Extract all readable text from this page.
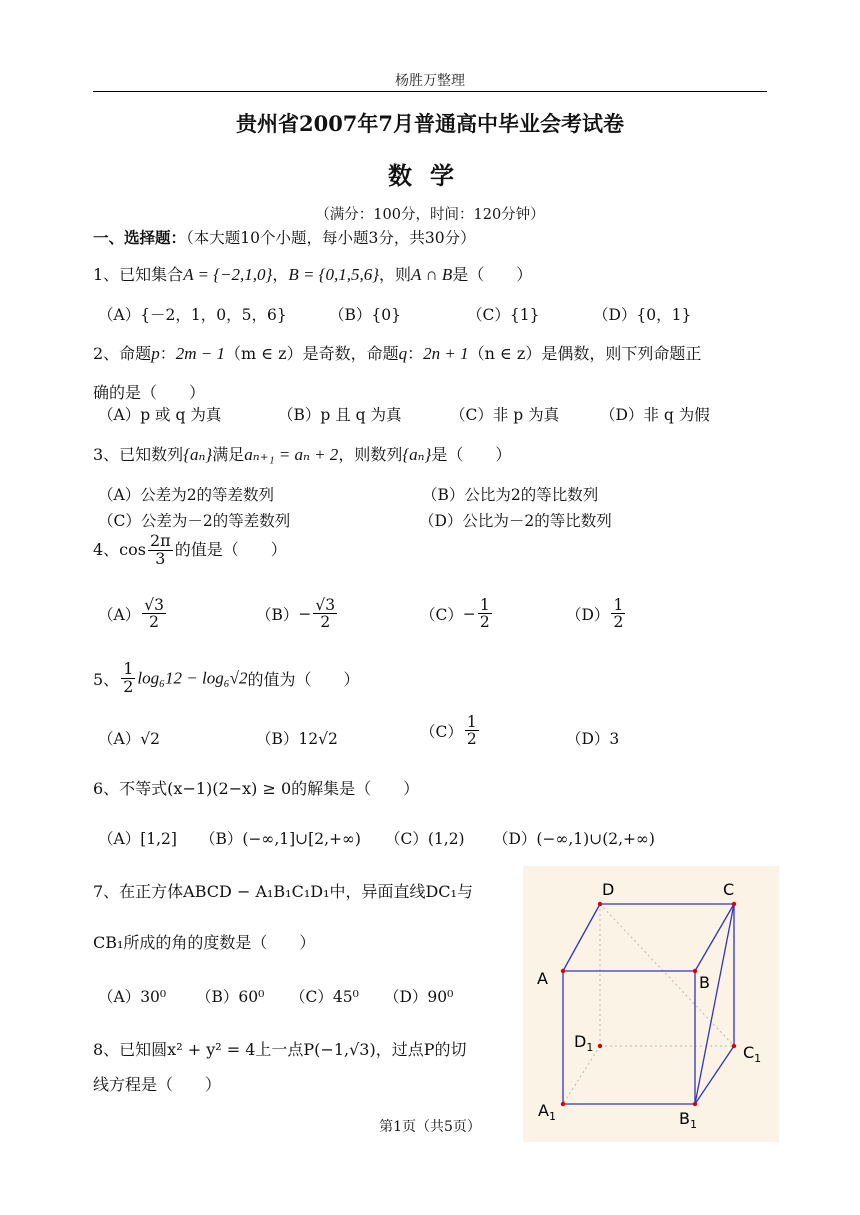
杨胜万整理
贵州省2007年7月普通高中毕业会考试卷
数学
（满分：100分，时间：120分钟）
一、选择题：（本大题10个小题，每小题3分，共30分）
1、已知集合A = {−2,1,0}，B = {0,1,5,6}，则A ∩ B是（　　）
（A）{－2，1，0，5，6}	（B）{0}	（C）{1}	（D）{0，1}
2、命题p：2m − 1（m ∈ z）是奇数，命题q：2n + 1（n ∈ z）是偶数，则下列命题正
确的是（　　）
（A）p 或 q 为真	（B）p 且 q 为真	（C）非 p 为真	（D）非 q 为假
3、已知数列{aₙ}满足aₙ₊₁ = aₙ + 2，则数列{aₙ}是（　　）
（A）公差为2的等差数列	（B）公比为2的等比数列
（C）公差为－2的等差数列	（D）公比为－2的等比数列
4、$\cos \frac{2\pi}{3}$ 的值是（　　）
$(A) \frac{√3}{2}$	$(B)- \frac{√3}{2}$	$(C)- \frac{1}{2}$	$(D) \frac{1}{2}$
5、 $\frac{1}{2} \log_612 - \log_6√2$的值为（　　）
（A）√2	（B）12√2	$(C) \frac{1}{2}$	（D）3
6、不等式(x−1)(2−x) ≥ 0的解集是（　　）
（A）[1,2] （B）(−∞,1]∪[2,+∞) （C）(1,2) （D）(−∞,1)∪(2,+∞)
7、在正方体ABCD − A₁B₁C₁D₁中，异面直线DC₁与
CB₁所成的角的度数是（　　）
（A）30⁰ （B）60⁰ （C）45⁰ （D）90⁰
8、已知圆x² + y² = 4上一点P(−1,√3)，过点P的切
线方程是（　　）
D	C
A	B
$D_1$	$C_1$
$A_1$	$B_1$
第1页（共5页）
